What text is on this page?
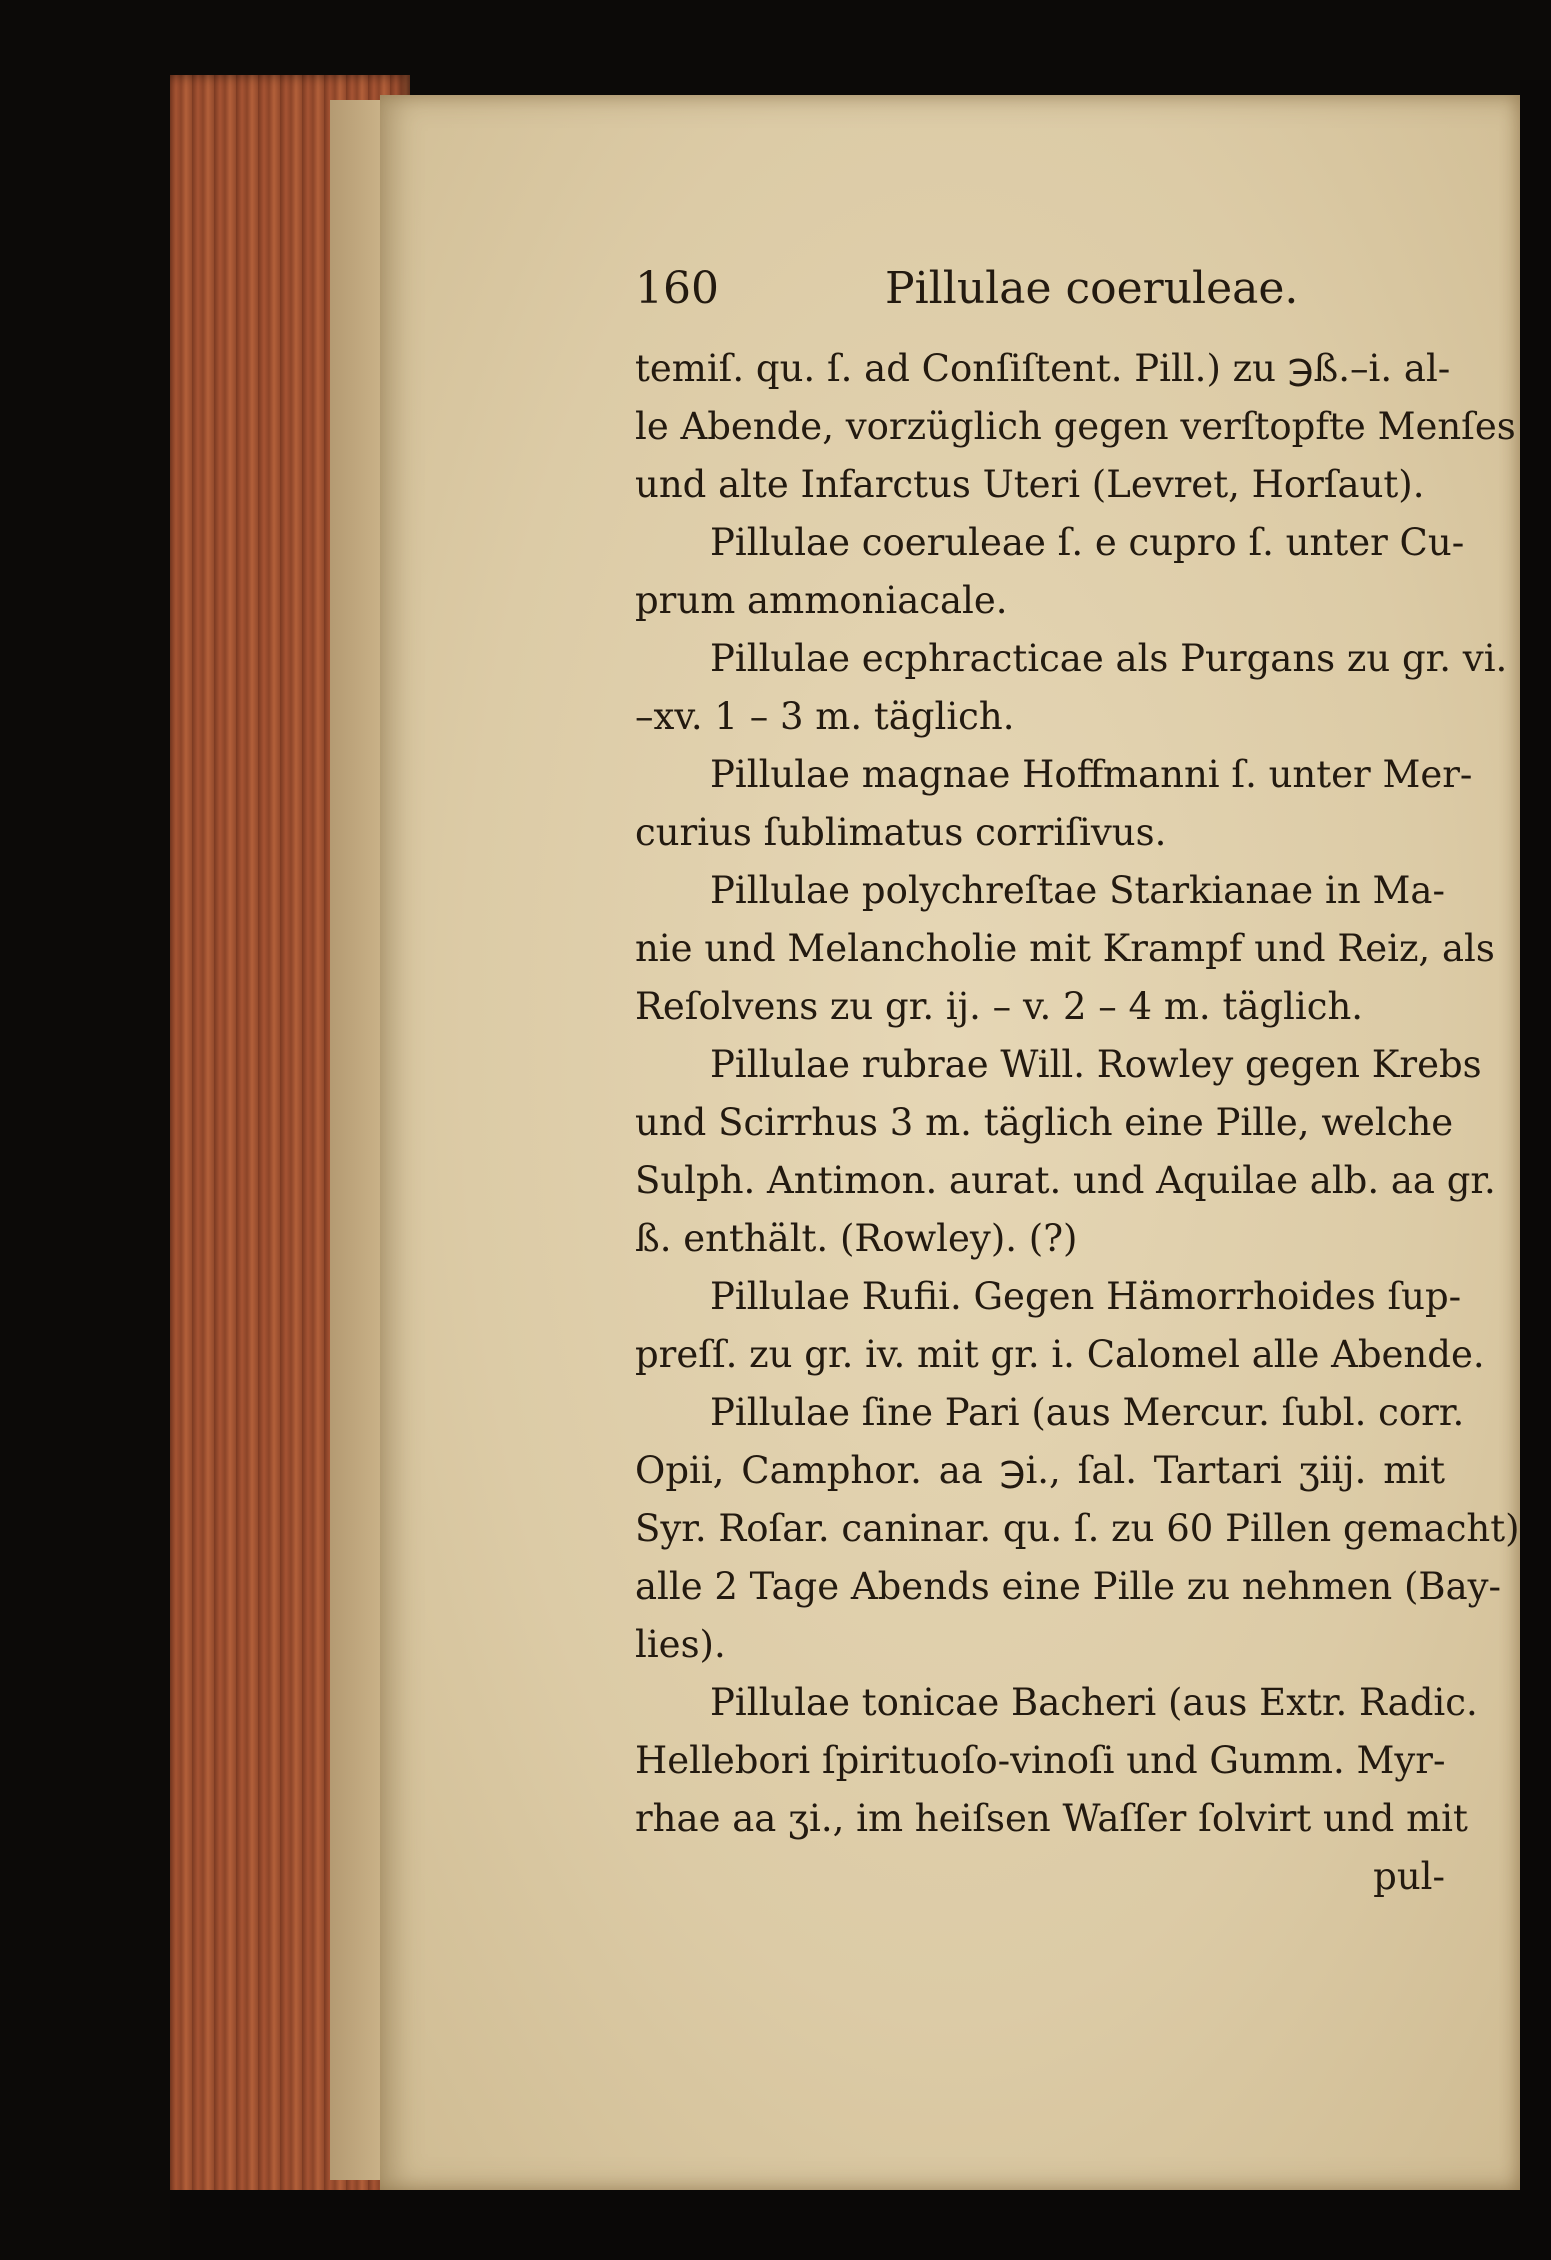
160	Pillulae coeruleae.
temiſ. qu. ſ. ad Conſiſtent. Pill.) zu ℈ß.–i. al-
le Abende, vorzüglich gegen verſtopfte Menſes
und alte Infarctus Uteri (Levret, Horſaut).
Pillulae coeruleae ſ. e cupro ſ. unter Cu-
prum ammoniacale.
Pillulae ecphracticae als Purgans zu gr. vi.
–xv. 1 – 3 m. täglich.
Pillulae magnae Hoffmanni ſ. unter Mer-
curius ſublimatus corriſivus.
Pillulae polychreſtae Starkianae in Ma-
nie und Melancholie mit Krampf und Reiz, als
Reſolvens zu gr. ij. – v. 2 – 4 m. täglich.
Pillulae rubrae Will. Rowley gegen Krebs
und Scirrhus 3 m. täglich eine Pille, welche
Sulph. Antimon. aurat. und Aquilae alb. aa gr.
ß. enthält. (Rowley). (?)
Pillulae Rufii. Gegen Hämorrhoides ſup-
preſſ. zu gr. iv. mit gr. i. Calomel alle Abende.
Pillulae ſine Pari (aus Mercur. ſubl. corr.
Opii, Camphor. aa ℈i., ſal. Tartari ʒiij. mit
Syr. Roſar. caninar. qu. ſ. zu 60 Pillen gemacht)
alle 2 Tage Abends eine Pille zu nehmen (Bay-
lies).
Pillulae tonicae Bacheri (aus Extr. Radic.
Hellebori ſpirituoſo-vinoſi und Gumm. Myr-
rhae aa ʒi., im heiſsen Waſſer ſolvirt und mit
pul-
